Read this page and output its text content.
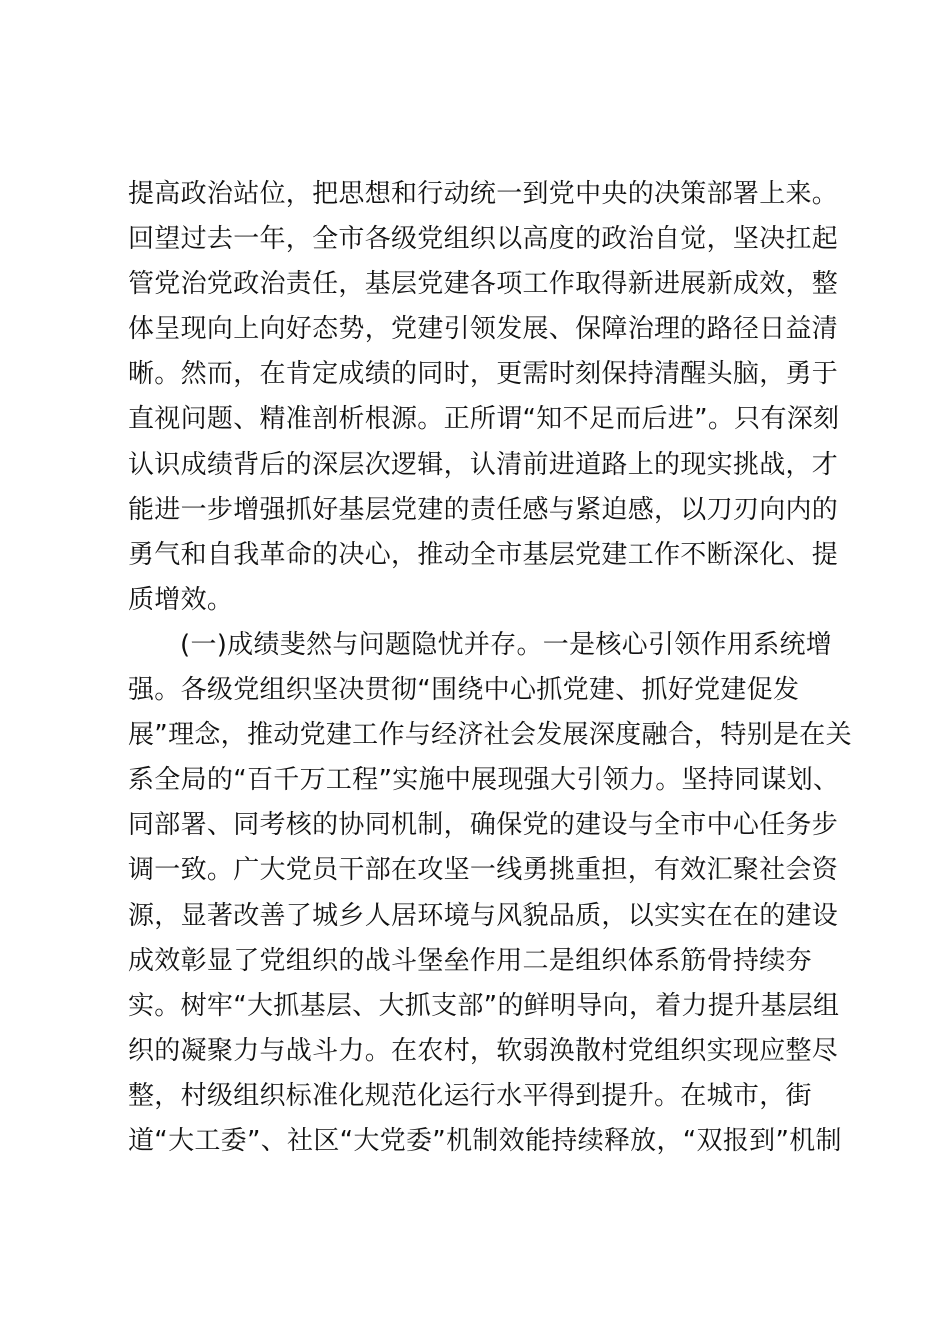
提高政治站位，把思想和行动统一到党中央的决策部署上来。
回望过去一年，全市各级党组织以高度的政治自觉，坚决扛起
管党治党政治责任，基层党建各项工作取得新进展新成效，整
体呈现向上向好态势，党建引领发展、保障治理的路径日益清
晰。然而，在肯定成绩的同时，更需时刻保持清醒头脑，勇于
直视问题、精准剖析根源。正所谓“知不足而后进”。只有深刻
认识成绩背后的深层次逻辑，认清前进道路上的现实挑战，才
能进一步增强抓好基层党建的责任感与紧迫感，以刀刃向内的
勇气和自我革命的决心，推动全市基层党建工作不断深化、提
质增效。
(一)成绩斐然与问题隐忧并存。一是核心引领作用系统增
强。各级党组织坚决贯彻“围绕中心抓党建、抓好党建促发
展”理念，推动党建工作与经济社会发展深度融合，特别是在关
系全局的“百千万工程”实施中展现强大引领力。坚持同谋划、
同部署、同考核的协同机制，确保党的建设与全市中心任务步
调一致。广大党员干部在攻坚一线勇挑重担，有效汇聚社会资
源，显著改善了城乡人居环境与风貌品质，以实实在在的建设
成效彰显了党组织的战斗堡垒作用二是组织体系筋骨持续夯
实。树牢“大抓基层、大抓支部”的鲜明导向，着力提升基层组
织的凝聚力与战斗力。在农村，软弱涣散村党组织实现应整尽
整，村级组织标准化规范化运行水平得到提升。在城市，街
道“大工委”、社区“大党委”机制效能持续释放，“双报到”机制
